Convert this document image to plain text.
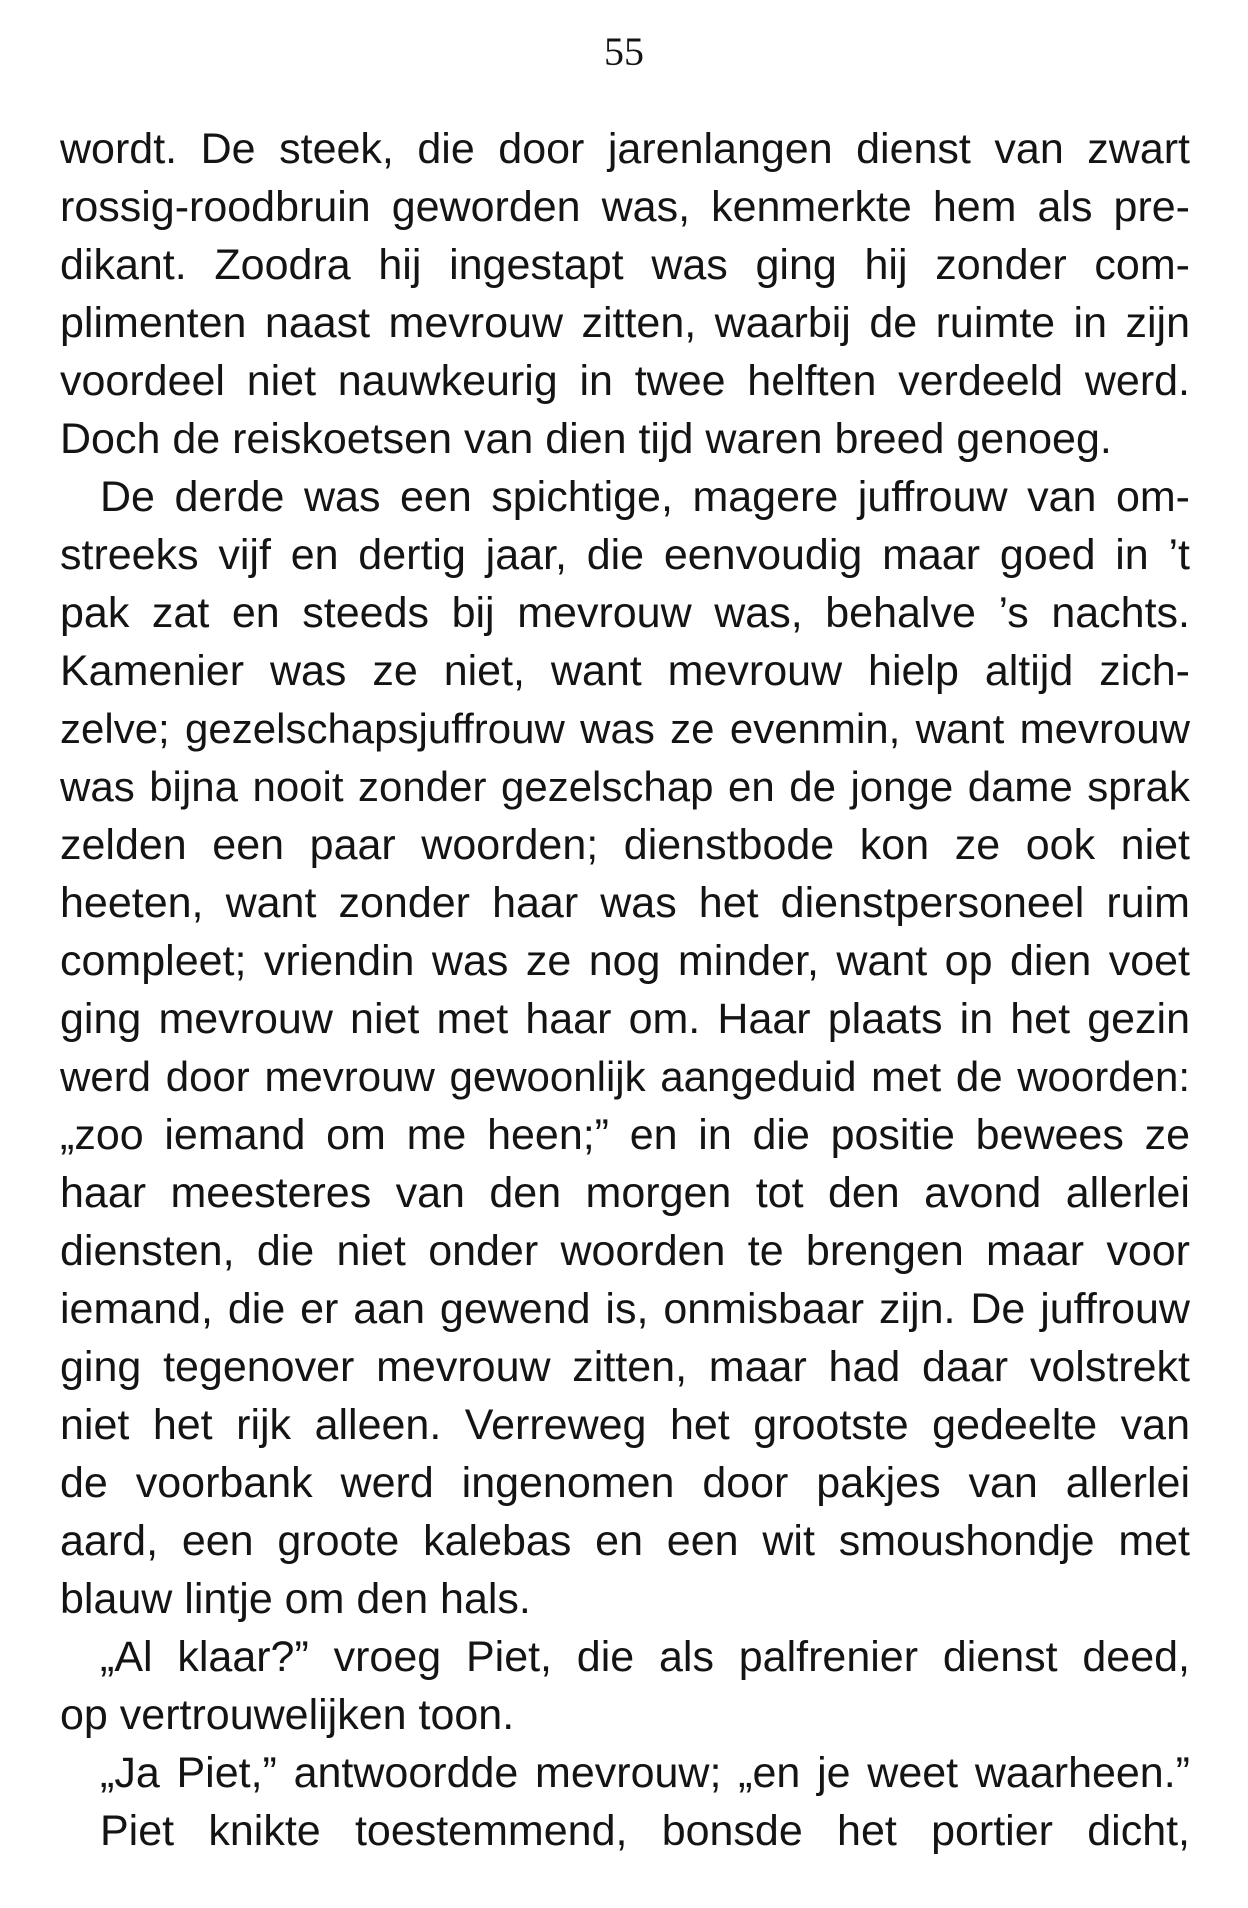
55
wordt. De steek, die door jarenlangen dienst van zwart
rossig-roodbruin geworden was, kenmerkte hem als pre-
dikant. Zoodra hij ingestapt was ging hij zonder com-
plimenten naast mevrouw zitten, waarbij de ruimte in zijn
voordeel niet nauwkeurig in twee helften verdeeld werd.
Doch de reiskoetsen van dien tijd waren breed genoeg.
De derde was een spichtige, magere juffrouw van om-
streeks vijf en dertig jaar, die eenvoudig maar goed in ’t
pak zat en steeds bij mevrouw was, behalve ’s nachts.
Kamenier was ze niet, want mevrouw hielp altijd zich-
zelve; gezelschapsjuffrouw was ze evenmin, want mevrouw
was bijna nooit zonder gezelschap en de jonge dame sprak
zelden een paar woorden; dienstbode kon ze ook niet
heeten, want zonder haar was het dienstpersoneel ruim
compleet; vriendin was ze nog minder, want op dien voet
ging mevrouw niet met haar om. Haar plaats in het gezin
werd door mevrouw gewoonlijk aangeduid met de woorden:
„zoo iemand om me heen;” en in die positie bewees ze
haar meesteres van den morgen tot den avond allerlei
diensten, die niet onder woorden te brengen maar voor
iemand, die er aan gewend is, onmisbaar zijn. De juffrouw
ging tegenover mevrouw zitten, maar had daar volstrekt
niet het rijk alleen. Verreweg het grootste gedeelte van
de voorbank werd ingenomen door pakjes van allerlei
aard, een groote kalebas en een wit smoushondje met
blauw lintje om den hals.
„Al klaar?” vroeg Piet, die als palfrenier dienst deed,
op vertrouwelijken toon.
„Ja Piet,” antwoordde mevrouw; „en je weet waarheen.”
Piet knikte toestemmend, bonsde het portier dicht,
